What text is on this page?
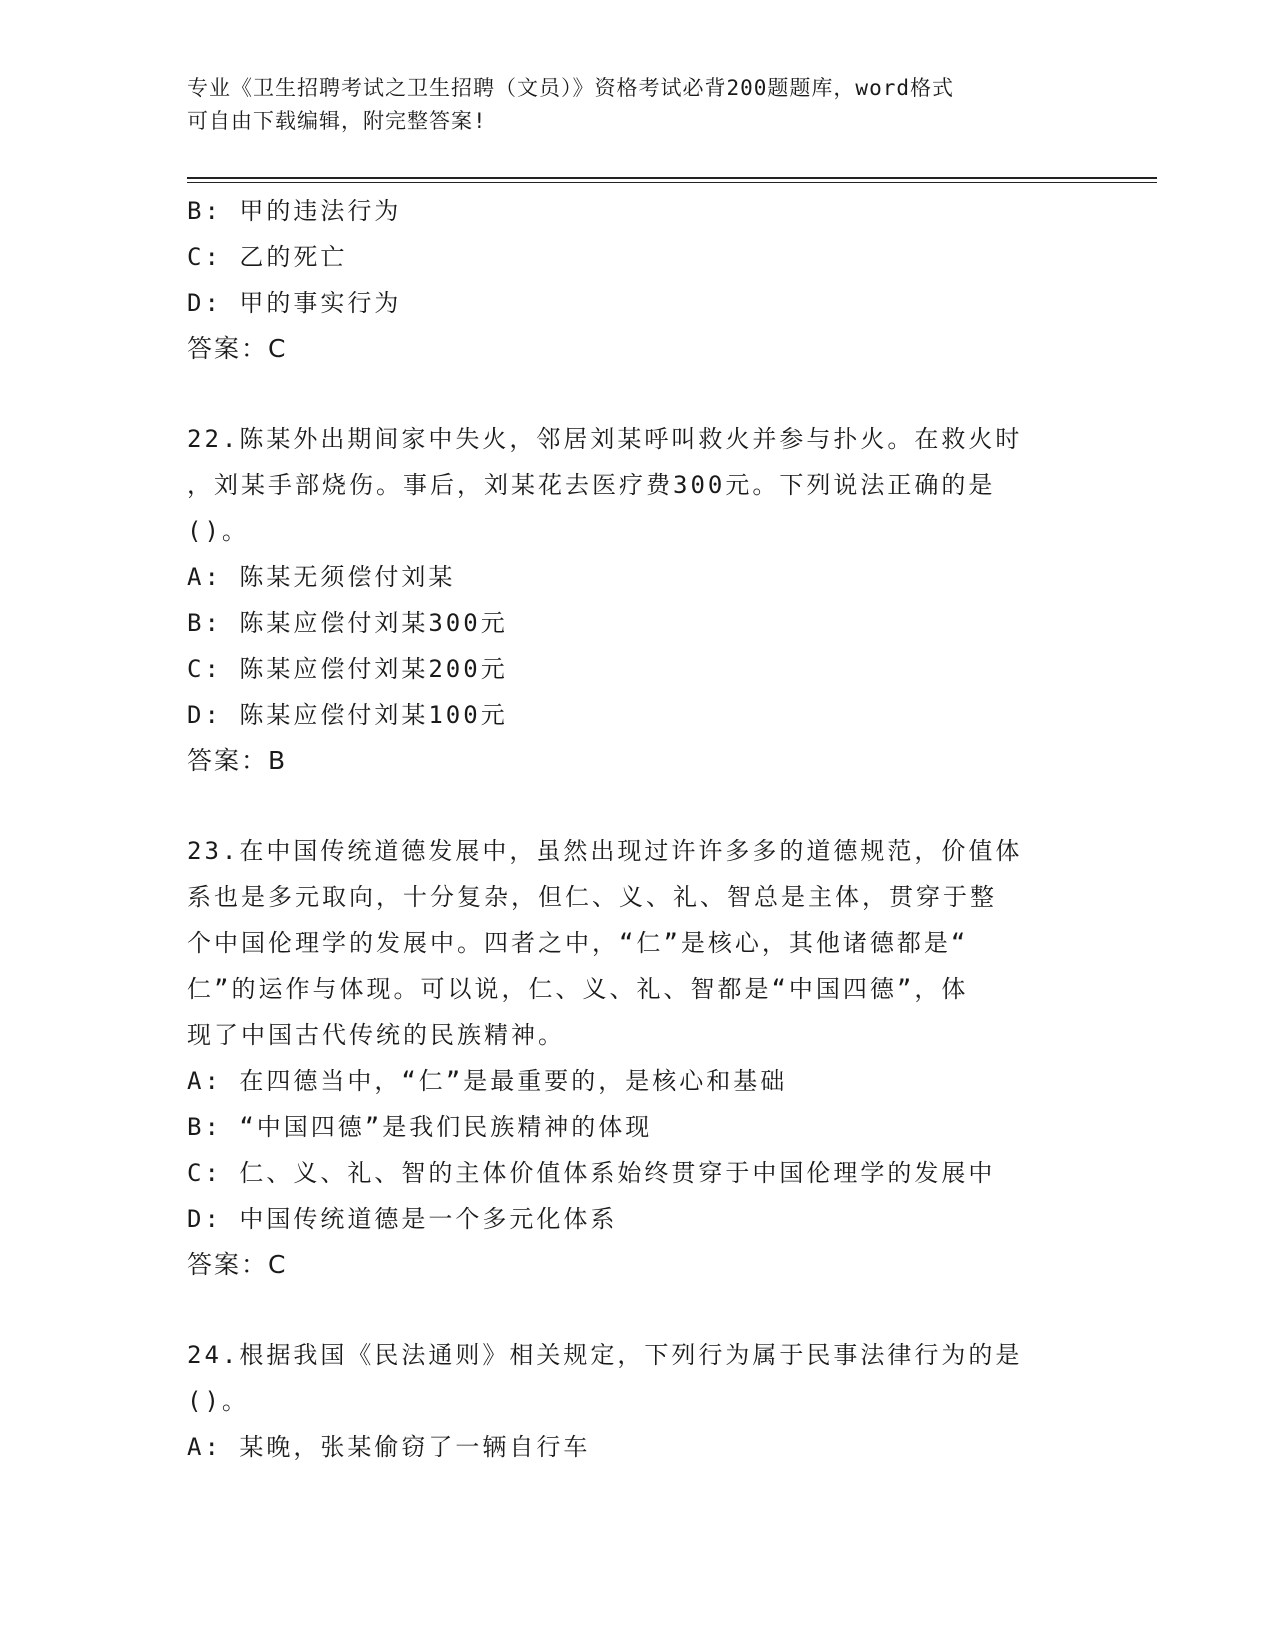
专业《卫生招聘考试之卫生招聘（文员）》资格考试必背200题题库，word格式
可自由下载编辑，附完整答案!
B: 甲的违法行为
C: 乙的死亡
D: 甲的事实行为
答案：C
22.陈某外出期间家中失火，邻居刘某呼叫救火并参与扑火。在救火时
，刘某手部烧伤。事后，刘某花去医疗费300元。下列说法正确的是
()。
A: 陈某无须偿付刘某
B: 陈某应偿付刘某300元
C: 陈某应偿付刘某200元
D: 陈某应偿付刘某100元
答案：B
23.在中国传统道德发展中，虽然出现过许许多多的道德规范，价值体
系也是多元取向，十分复杂，但仁、义、礼、智总是主体，贯穿于整
个中国伦理学的发展中。四者之中，“仁”是核心，其他诸德都是“
仁”的运作与体现。可以说，仁、义、礼、智都是“中国四德”，体
现了中国古代传统的民族精神。
A: 在四德当中，“仁”是最重要的，是核心和基础
B: “中国四德”是我们民族精神的体现
C: 仁、义、礼、智的主体价值体系始终贯穿于中国伦理学的发展中
D: 中国传统道德是一个多元化体系
答案：C
24.根据我国《民法通则》相关规定，下列行为属于民事法律行为的是
()。
A: 某晚，张某偷窃了一辆自行车
